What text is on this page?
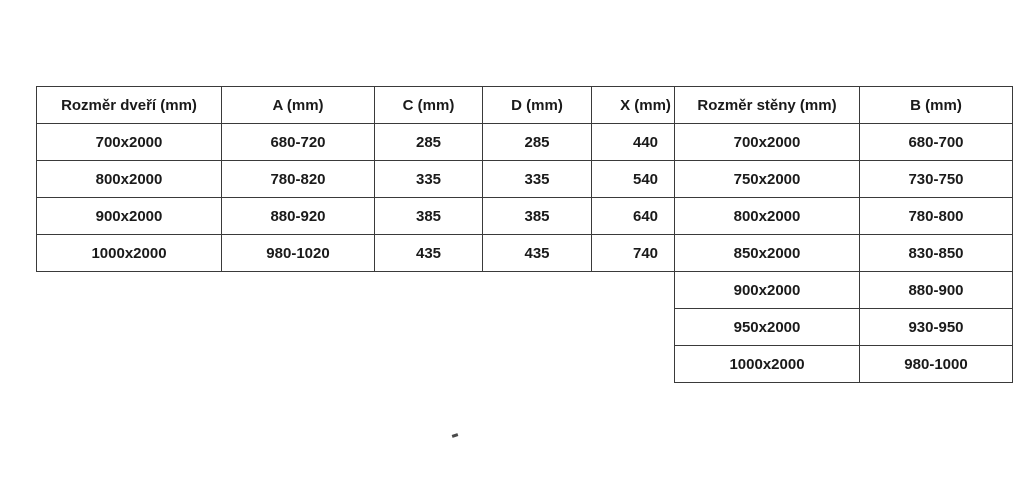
Rozměr dveří (mm)	A (mm)	C (mm)	D (mm)	X (mm)
700x2000	680-720	285	285	440
800x2000	780-820	335	335	540
900x2000	880-920	385	385	640
1000x2000	980-1020	435	435	740
Rozměr stěny (mm)	B (mm)
700x2000	680-700
750x2000	730-750
800x2000	780-800
850x2000	830-850
900x2000	880-900
950x2000	930-950
1000x2000	980-1000
